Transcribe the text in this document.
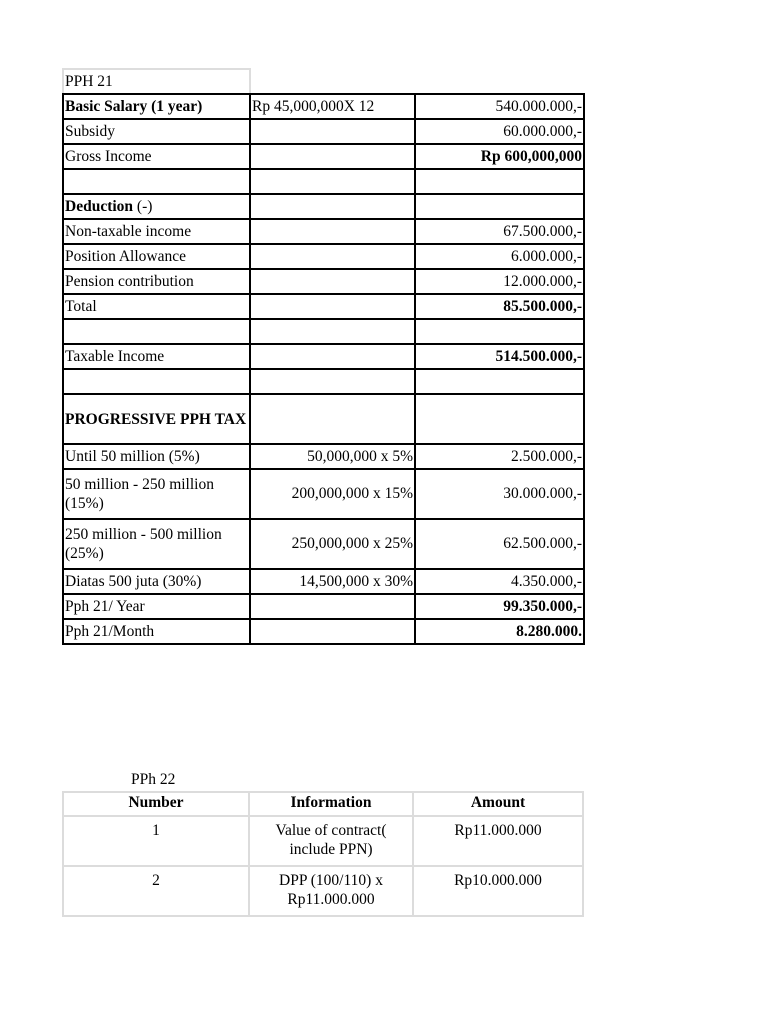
PPH 21		
Basic Salary (1 year)	Rp 45,000,000X 12	540.000.000,-
Subsidy		60.000.000,-
Gross Income		Rp 600,000,000

Deduction (-)		
Non-taxable income		67.500.000,-
Position Allowance		6.000.000,-
Pension contribution		12.000.000,-
Total		85.500.000,-

Taxable Income		514.500.000,-

PROGRESSIVE PPH TAX		
Until 50 million (5%)	50,000,000 x 5%	2.500.000,-
50 million - 250 million (15%)	200,000,000 x 15%	30.000.000,-
250 million - 500 million (25%)	250,000,000 x 25%	62.500.000,-
Diatas 500 juta (30%)	14,500,000 x 30%	4.350.000,-
Pph 21/ Year		99.350.000,-
Pph 21/Month		8.280.000.
PPh 22
Number	Information	Amount
1	Value of contract( include PPN)	Rp11.000.000
2	DPP (100/110) x Rp11.000.000	Rp10.000.000
